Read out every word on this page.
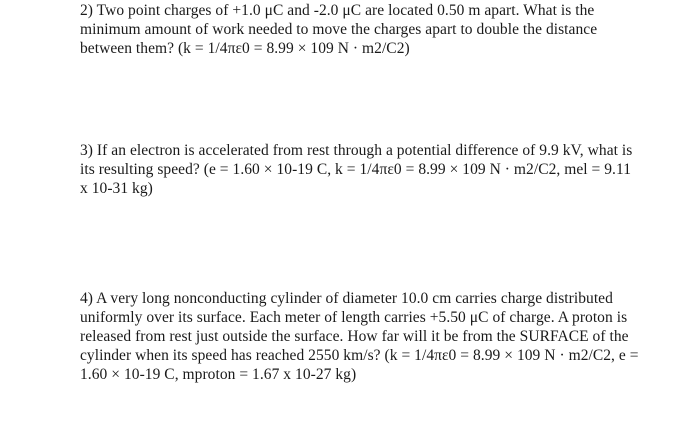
2) Two point charges of +1.0 μC and -2.0 μC are located 0.50 m apart. What is the
minimum amount of work needed to move the charges apart to double the distance
between them? (k = 1/4πε0 = 8.99 × 109 N · m2/C2)
3) If an electron is accelerated from rest through a potential difference of 9.9 kV, what is
its resulting speed? (e = 1.60 × 10-19 C, k = 1/4πε0 = 8.99 × 109 N · m2/C2, mel = 9.11
x 10-31 kg)
4) A very long nonconducting cylinder of diameter 10.0 cm carries charge distributed
uniformly over its surface. Each meter of length carries +5.50 μC of charge. A proton is
released from rest just outside the surface. How far will it be from the SURFACE of the
cylinder when its speed has reached 2550 km/s? (k = 1/4πε0 = 8.99 × 109 N · m2/C2, e =
1.60 × 10-19 C, mproton = 1.67 x 10-27 kg)
